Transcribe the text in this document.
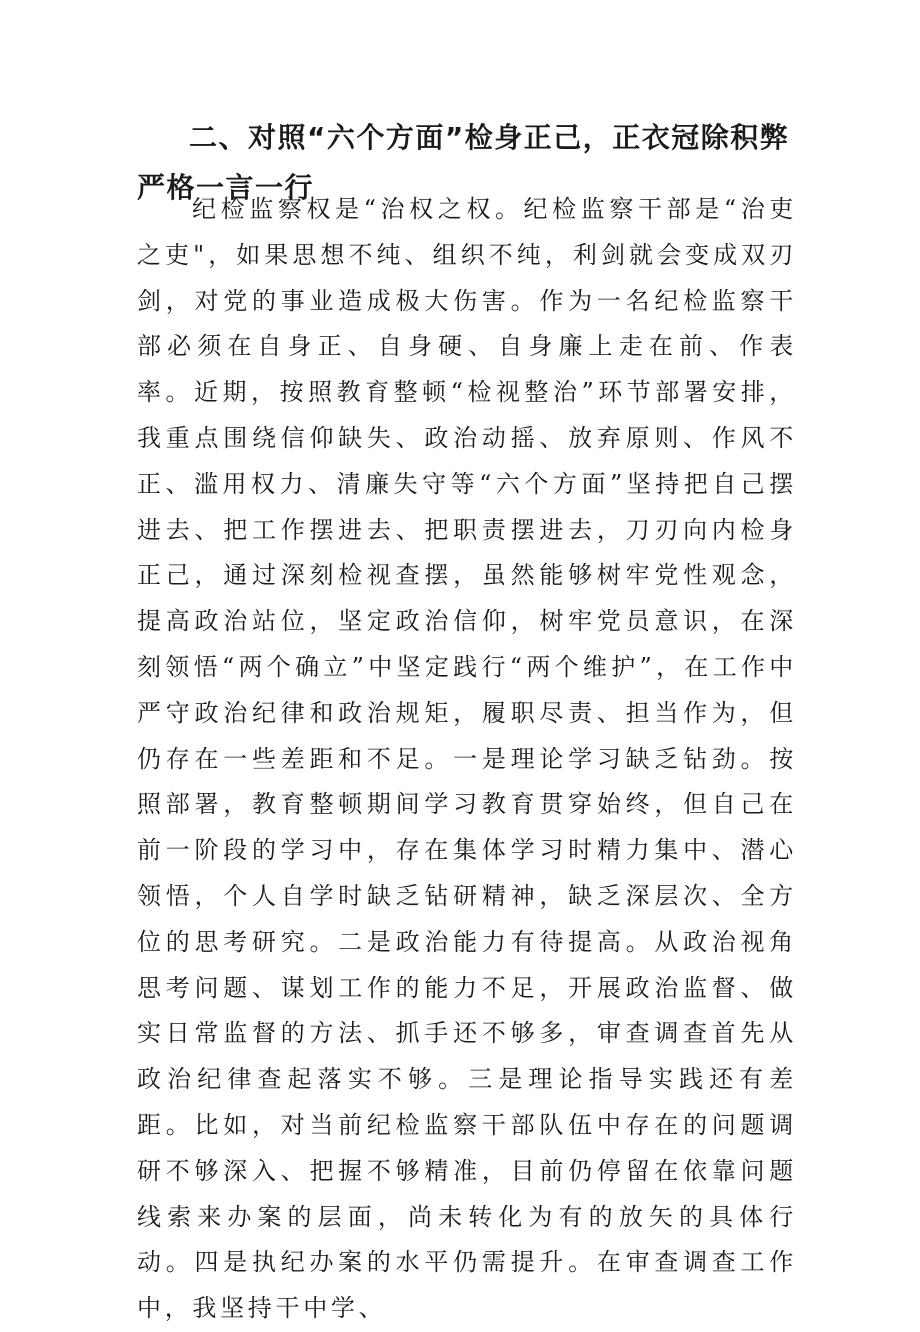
二、对照“六个方面”检身正己，正衣冠除积弊严格一言一行

纪检监察权是“治权之权。纪检监察干部是“治吏之吏"，如果思想不纯、组织不纯，利剑就会变成双刃剑，对党的事业造成极大伤害。作为一名纪检监察干部必须在自身正、自身硬、自身廉上走在前、作表率。近期，按照教育整顿“检视整治”环节部署安排，我重点围绕信仰缺失、政治动摇、放弃原则、作风不正、滥用权力、清廉失守等“六个方面”坚持把自己摆进去、把工作摆进去、把职责摆进去，刀刃向内检身正己，通过深刻检视查摆，虽然能够树牢党性观念，提高政治站位，坚定政治信仰，树牢党员意识，在深刻领悟“两个确立”中坚定践行“两个维护”，在工作中严守政治纪律和政治规矩，履职尽责、担当作为，但仍存在一些差距和不足。一是理论学习缺乏钻劲。按照部署，教育整顿期间学习教育贯穿始终，但自己在前一阶段的学习中，存在集体学习时精力集中、潜心领悟，个人自学时缺乏钻研精神，缺乏深层次、全方位的思考研究。二是政治能力有待提高。从政治视角思考问题、谋划工作的能力不足，开展政治监督、做实日常监督的方法、抓手还不够多，审查调查首先从政治纪律查起落实不够。三是理论指导实践还有差距。比如，对当前纪检监察干部队伍中存在的问题调研不够深入、把握不够精准，目前仍停留在依靠问题线索来办案的层面，尚未转化为有的放矢的具体行动。四是执纪办案的水平仍需提升。在审查调查工作中，我坚持干中学、
